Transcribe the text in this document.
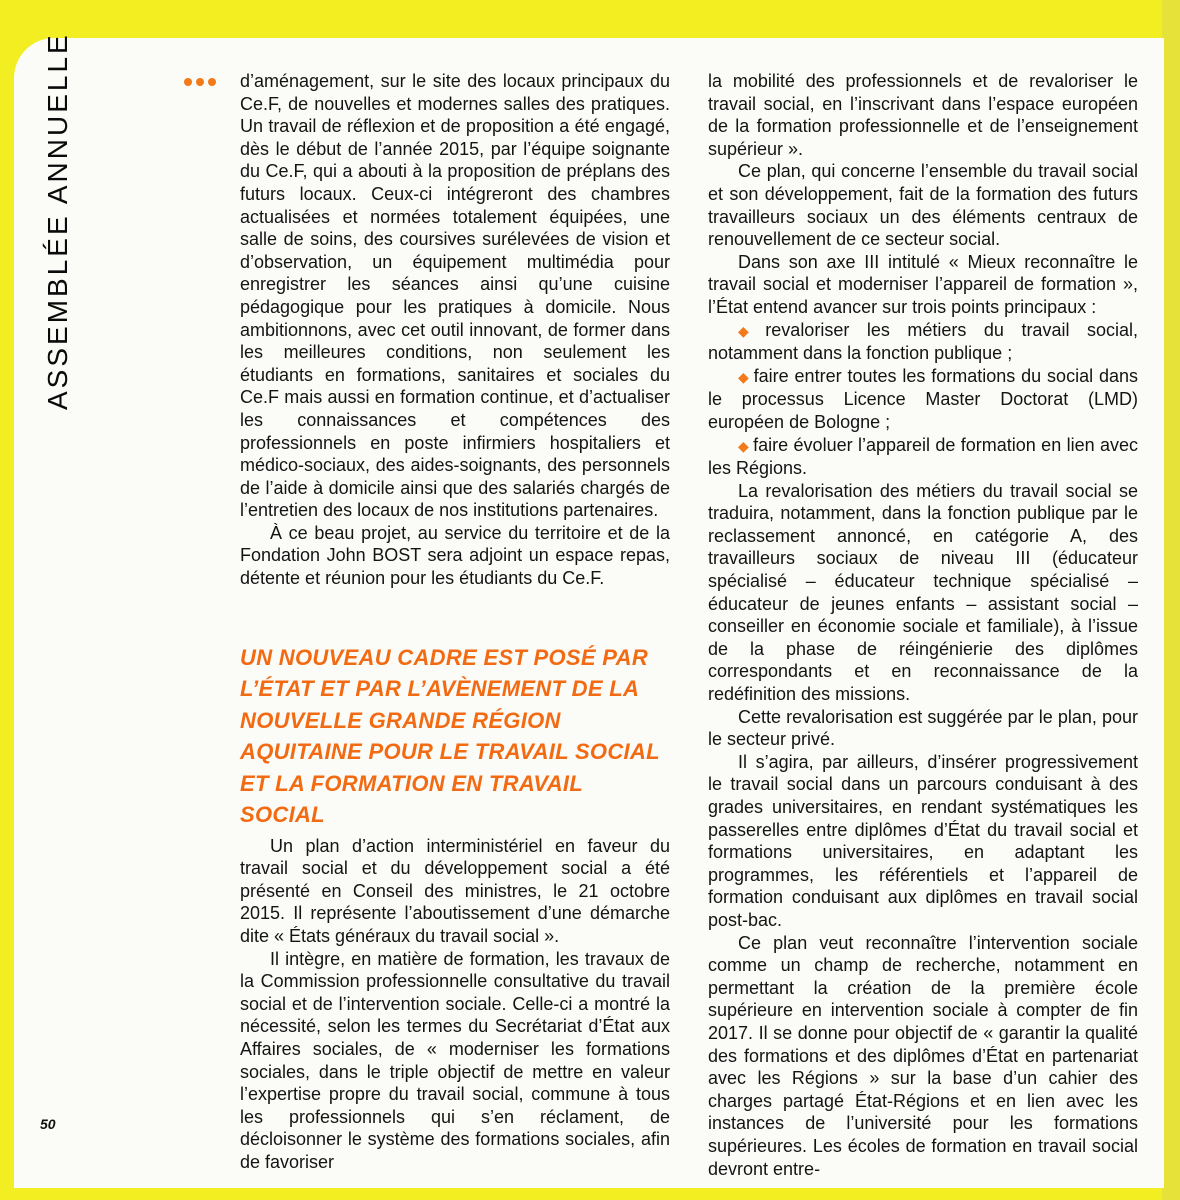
ASSEMBLÉE ANNUELLE	d’aménagement, sur le site des locaux principaux du Ce.F, de nouvelles et modernes salles des pratiques. Un travail de réflexion et de proposition a été engagé, dès le début de l’année 2015, par l’équipe soignante du Ce.F, qui a abouti à la proposition de préplans des futurs locaux. Ceux-ci intégreront des chambres actualisées et normées totalement équipées, une salle de soins, des coursives surélevées de vision et d’observation, un équipement multimédia pour enregistrer les séances ainsi qu’une cuisine pédagogique pour les pratiques à domicile. Nous ambitionnons, avec cet outil innovant, de former dans les meilleures conditions, non seulement les étudiants en formations, sanitaires et sociales du Ce.F mais aussi en formation continue, et d’actualiser les connaissances et compétences des professionnels en poste infirmiers hospitaliers et médico-sociaux, des aides-soignants, des personnels de l’aide à domicile ainsi que des salariés chargés de l’entretien des locaux de nos institutions partenaires.

À ce beau projet, au service du territoire et de la Fondation John BOST sera adjoint un espace repas, détente et réunion pour les étudiants du Ce.F.

UN NOUVEAU CADRE EST POSÉ PAR L’ÉTAT ET PAR L’AVÈNEMENT DE LA NOUVELLE GRANDE RÉGION AQUITAINE POUR LE TRAVAIL SOCIAL ET LA FORMATION EN TRAVAIL SOCIAL

Un plan d’action interministériel en faveur du travail social et du développement social a été présenté en Conseil des ministres, le 21 octobre 2015. Il représente l’aboutissement d’une démarche dite « États généraux du travail social ».

Il intègre, en matière de formation, les travaux de la Commission professionnelle consultative du travail social et de l’intervention sociale. Celle-ci a montré la nécessité, selon les termes du Secrétariat d’État aux Affaires sociales, de « moderniser les formations sociales, dans le triple objectif de mettre en valeur l’expertise propre du travail social, commune à tous les professionnels qui s’en réclament, de décloisonner le système des formations sociales, afin de favoriser

la mobilité des professionnels et de revaloriser le travail social, en l’inscrivant dans l’espace européen de la formation professionnelle et de l’enseignement supérieur ».

Ce plan, qui concerne l’ensemble du travail social et son développement, fait de la formation des futurs travailleurs sociaux un des éléments centraux de renouvellement de ce secteur social.

Dans son axe III intitulé « Mieux reconnaître le travail social et moderniser l’appareil de formation », l’État entend avancer sur trois points principaux :

◆ revaloriser les métiers du travail social, notamment dans la fonction publique ;

◆ faire entrer toutes les formations du social dans le processus Licence Master Doctorat (LMD) européen de Bologne ;

◆ faire évoluer l’appareil de formation en lien avec les Régions.

La revalorisation des métiers du travail social se traduira, notamment, dans la fonction publique par le reclassement annoncé, en catégorie A, des travailleurs sociaux de niveau III (éducateur spécialisé – éducateur technique spécialisé – éducateur de jeunes enfants – assistant social – conseiller en économie sociale et familiale), à l’issue de la phase de réingénierie des diplômes correspondants et en reconnaissance de la redéfinition des missions.

Cette revalorisation est suggérée par le plan, pour le secteur privé.

Il s’agira, par ailleurs, d’insérer progressivement le travail social dans un parcours conduisant à des grades universitaires, en rendant systématiques les passerelles entre diplômes d’État du travail social et formations universitaires, en adaptant les programmes, les référentiels et l’appareil de formation conduisant aux diplômes en travail social post-bac.

Ce plan veut reconnaître l’intervention sociale comme un champ de recherche, notamment en permettant la création de la première école supérieure en intervention sociale à compter de fin 2017. Il se donne pour objectif de « garantir la qualité des formations et des diplômes d’État en partenariat avec les Régions » sur la base d’un cahier des charges partagé État-Régions et en lien avec les instances de l’université pour les formations supérieures. Les écoles de formation en travail social devront entre-

50
